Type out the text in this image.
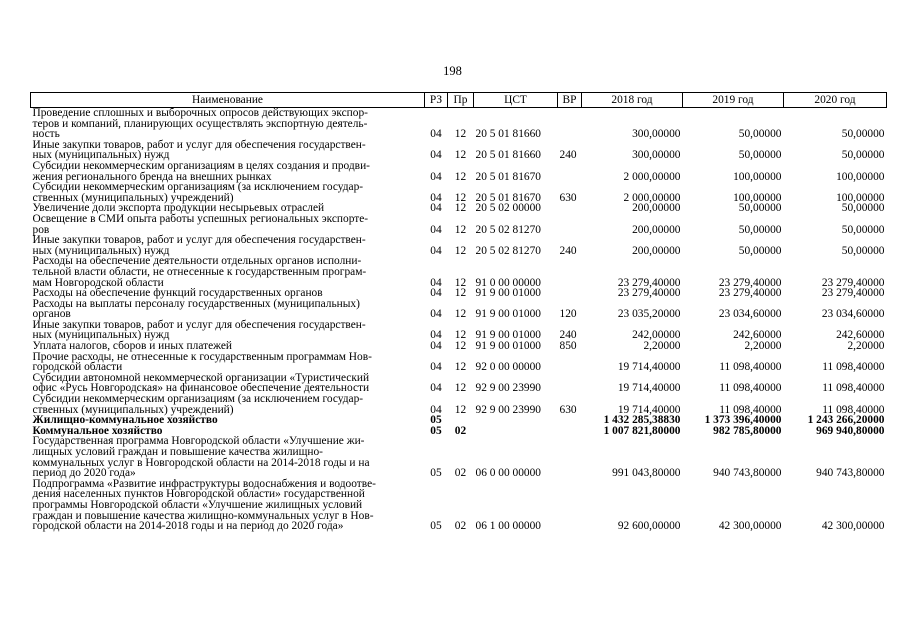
198
Наименование	РЗ	Пр	ЦСТ	ВР	2018 год	2019 год	2020 год
Проведение сплошных и выборочных опросов действующих экспор-
теров и компаний, планирующих осуществлять экспортную деятель-
ность	04	12	20 5 01 81660		300,00000	50,00000	50,00000
Иные закупки товаров, работ и услуг для обеспечения государствен-
ных (муниципальных) нужд	04	12	20 5 01 81660	240	300,00000	50,00000	50,00000
Субсидии некоммерческим организациям в целях создания и продви-
жения регионального бренда на внешних рынках	04	12	20 5 01 81670		2 000,00000	100,00000	100,00000
Субсидии некоммерческим организациям (за исключением государ-
ственных (муниципальных) учреждений)	04	12	20 5 01 81670	630	2 000,00000	100,00000	100,00000
Увеличение доли экспорта продукции несырьевых отраслей	04	12	20 5 02 00000		200,00000	50,00000	50,00000
Освещение в СМИ опыта работы успешных региональных экспорте-
ров	04	12	20 5 02 81270		200,00000	50,00000	50,00000
Иные закупки товаров, работ и услуг для обеспечения государствен-
ных (муниципальных) нужд	04	12	20 5 02 81270	240	200,00000	50,00000	50,00000
Расходы на обеспечение деятельности отдельных органов исполни-
тельной власти области, не отнесенные к государственным програм-
мам Новгородской области	04	12	91 0 00 00000		23 279,40000	23 279,40000	23 279,40000
Расходы на обеспечение функций государственных органов	04	12	91 9 00 01000		23 279,40000	23 279,40000	23 279,40000
Расходы на выплаты персоналу государственных (муниципальных)
органов	04	12	91 9 00 01000	120	23 035,20000	23 034,60000	23 034,60000
Иные закупки товаров, работ и услуг для обеспечения государствен-
ных (муниципальных) нужд	04	12	91 9 00 01000	240	242,00000	242,60000	242,60000
Уплата налогов, сборов и иных платежей	04	12	91 9 00 01000	850	2,20000	2,20000	2,20000
Прочие расходы, не отнесенные к государственным программам Нов-
городской области	04	12	92 0 00 00000		19 714,40000	11 098,40000	11 098,40000
Субсидии автономной некоммерческой организации «Туристический
офис «Русь Новгородская» на финансовое обеспечение деятельности	04	12	92 9 00 23990		19 714,40000	11 098,40000	11 098,40000
Субсидии некоммерческим организациям (за исключением государ-
ственных (муниципальных) учреждений)	04	12	92 9 00 23990	630	19 714,40000	11 098,40000	11 098,40000
Жилищно-коммунальное хозяйство	05				1 432 285,38830	1 373 396,40000	1 243 266,20000
Коммунальное хозяйство	05	02			1 007 821,80000	982 785,80000	969 940,80000
Государственная программа Новгородской области «Улучшение жи-
лищных условий граждан и повышение качества жилищно-
коммунальных услуг в Новгородской области на 2014-2018 годы и на
период до 2020 года»	05	02	06 0 00 00000		991 043,80000	940 743,80000	940 743,80000
Подпрограмма «Развитие инфраструктуры водоснабжения и водоотве-
дения населенных пунктов Новгородской области» государственной
программы Новгородской области «Улучшение жилищных условий
граждан и повышение качества жилищно-коммунальных услуг в Нов-
городской области на 2014-2018 годы и на период до 2020 года»	05	02	06 1 00 00000		92 600,00000	42 300,00000	42 300,00000
